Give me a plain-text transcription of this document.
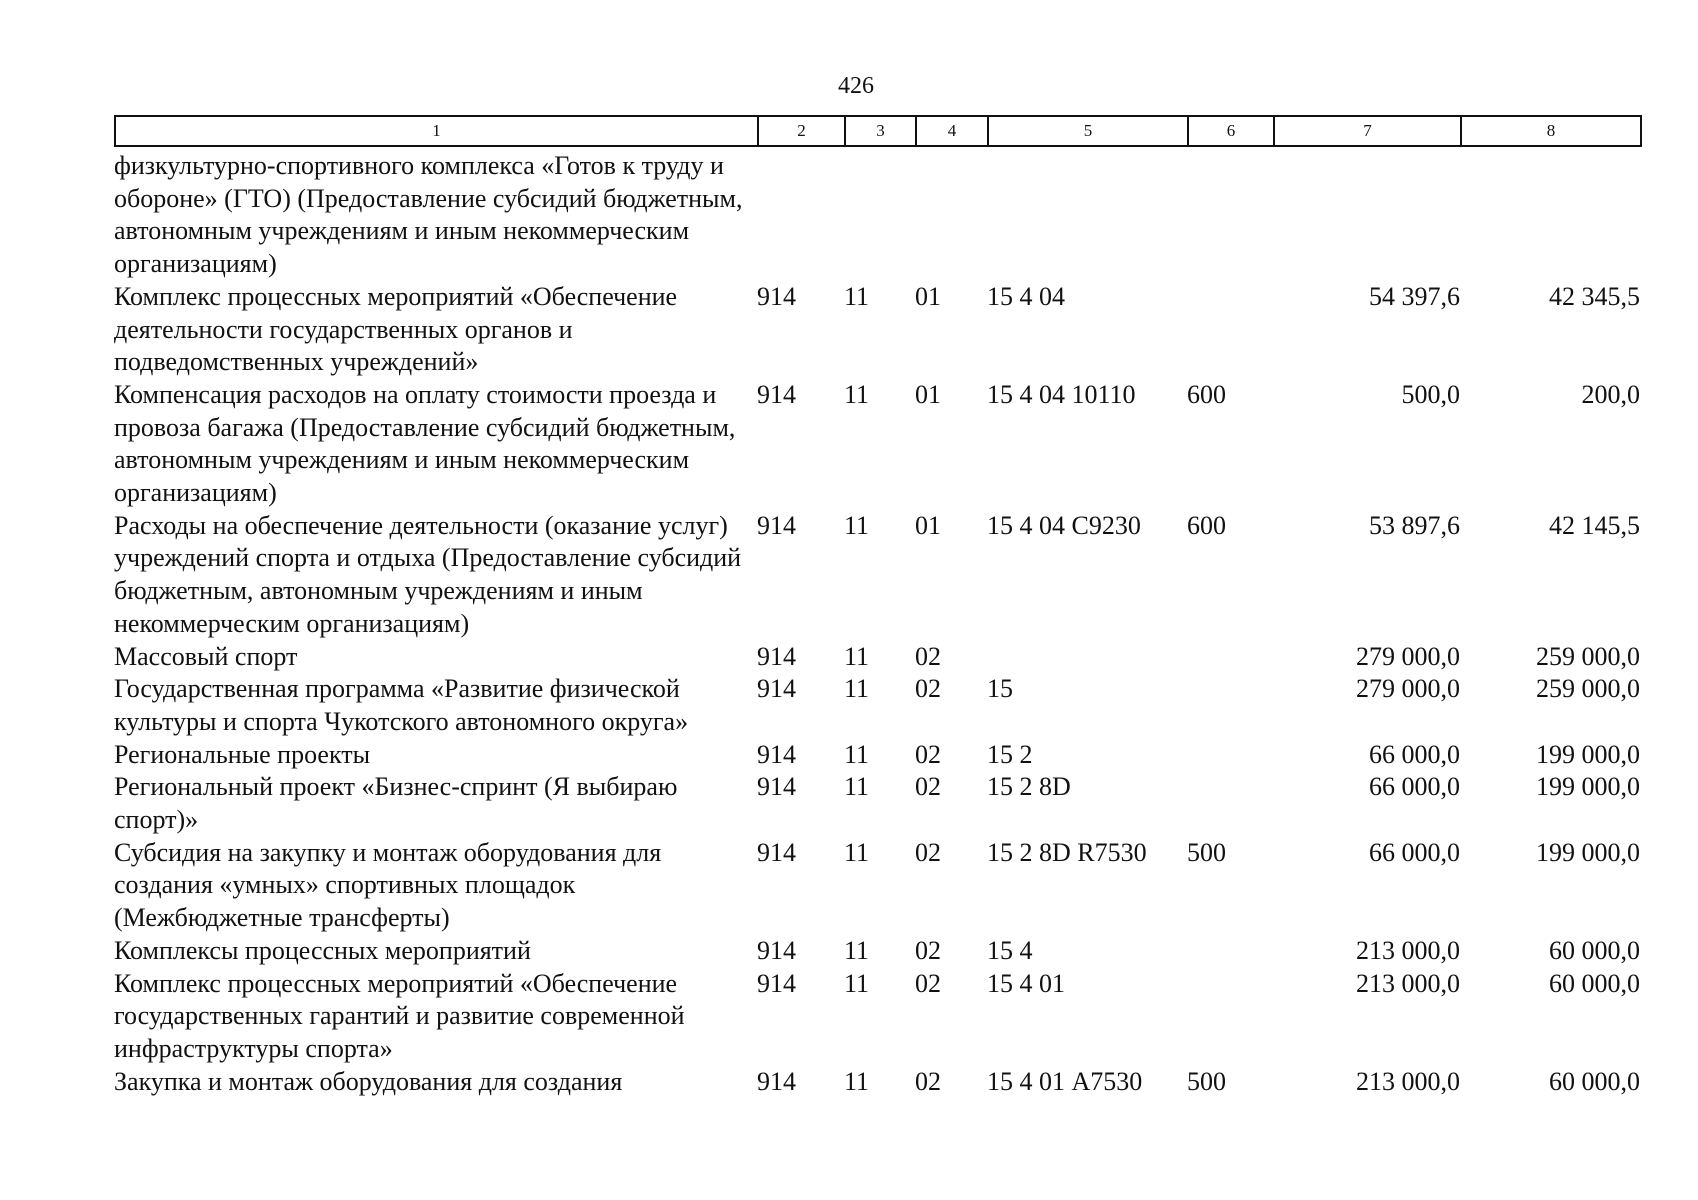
426
1	2	3	4	5	6	7	8
физкультурно-спортивного комплекса «Готов к труду и обороне» (ГТО) (Предоставление субсидий бюджетным, автономным учреждениям и иным некоммерческим организациям)							
Комплекс процессных мероприятий «Обеспечение деятельности государственных органов и подведомственных учреждений»	914	11	01	15 4 04		54 397,6	42 345,5
Компенсация расходов на оплату стоимости проезда и провоза багажа (Предоставление субсидий бюджетным, автономным учреждениям и иным некоммерческим организациям)	914	11	01	15 4 04 10110	600	500,0	200,0
Расходы на обеспечение деятельности (оказание услуг) учреждений спорта и отдыха (Предоставление субсидий бюджетным, автономным учреждениям и иным некоммерческим организациям)	914	11	01	15 4 04 С9230	600	53 897,6	42 145,5
Массовый спорт	914	11	02			279 000,0	259 000,0
Государственная программа «Развитие физической культуры и спорта Чукотского автономного округа»	914	11	02	15		279 000,0	259 000,0
Региональные проекты	914	11	02	15 2		66 000,0	199 000,0
Региональный проект «Бизнес-спринт (Я выбираю спорт)»	914	11	02	15 2 8D		66 000,0	199 000,0
Субсидия на закупку и монтаж оборудования для создания «умных» спортивных площадок (Межбюджетные трансферты)	914	11	02	15 2 8D R7530	500	66 000,0	199 000,0
Комплексы процессных мероприятий	914	11	02	15 4		213 000,0	60 000,0
Комплекс процессных мероприятий «Обеспечение государственных гарантий и развитие современной инфраструктуры спорта»	914	11	02	15 4 01		213 000,0	60 000,0
Закупка и монтаж оборудования для создания	914	11	02	15 4 01 А7530	500	213 000,0	60 000,0
